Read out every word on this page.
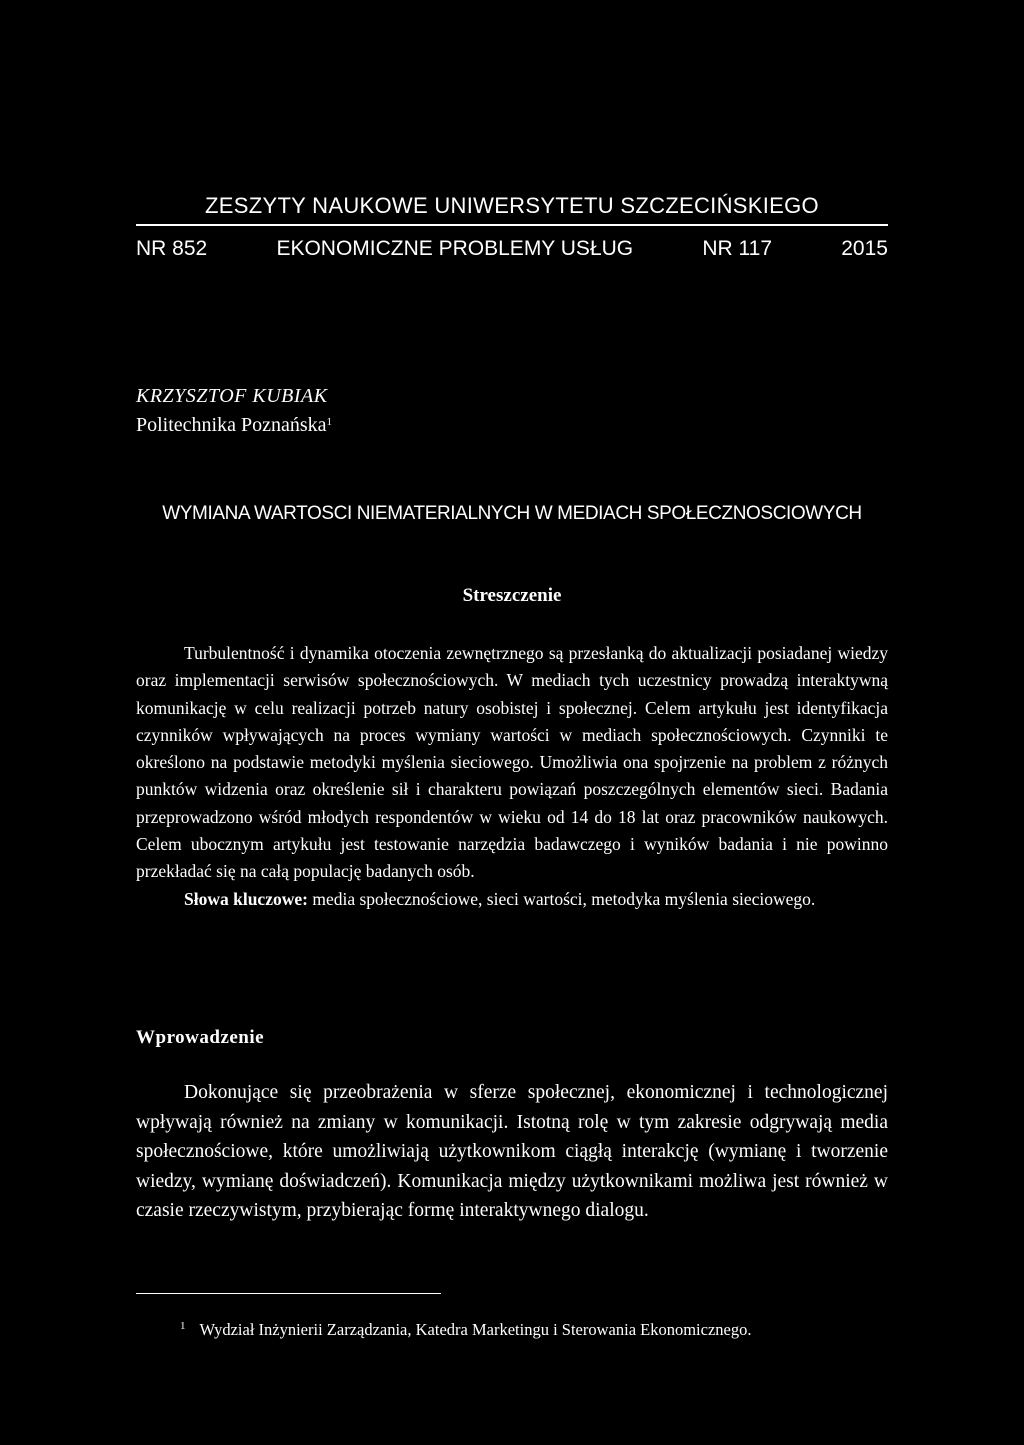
ZESZYTY NAUKOWE UNIWERSYTETU SZCZECIŃSKIEGO
NR 852	EKONOMICZNE PROBLEMY USŁUG	NR 117	2015
KRZYSZTOF KUBIAK
Politechnika Poznańska$^1$
WYMIANA WARTOSCI NIEMATERIALNYCH W MEDIACH SPOŁECZNOSCIOWYCH
Streszczenie

Turbulentność i dynamika otoczenia zewnętrznego są przesłanką do aktualizacji posiadanej wiedzy oraz implementacji serwisów społecznościowych. W mediach tych uczestnicy prowadzą interaktywną komunikację w celu realizacji potrzeb natury osobistej i społecznej. Celem artykułu jest identyfikacja czynników wpływających na proces wymiany wartości w mediach społecznościowych. Czynniki te określono na podstawie metodyki myślenia sieciowego. Umożliwia ona spojrzenie na problem z różnych punktów widzenia oraz określenie sił i charakteru powiązań poszczególnych elementów sieci. Badania przeprowadzono wśród młodych respondentów w wieku od 14 do 18 lat oraz pracowników naukowych. Celem ubocznym artykułu jest testowanie narzędzia badawczego i wyników badania i nie powinno przekładać się na całą populację badanych osób.

Słowa kluczowe: media społecznościowe, sieci wartości, metodyka myślenia sieciowego.

Wprowadzenie

Dokonujące się przeobrażenia w sferze społecznej, ekonomicznej i technologicznej wpływają również na zmiany w komunikacji. Istotną rolę w tym zakresie odgrywają media społecznościowe, które umożliwiają użytkownikom ciągłą interakcję (wymianę i tworzenie wiedzy, wymianę doświadczeń). Komunikacja między użytkownikami możliwa jest również w czasie rzeczywistym, przybierając formę interaktywnego dialogu.

$^1$ Wydział Inżynierii Zarządzania, Katedra Marketingu i Sterowania Ekonomicznego.
